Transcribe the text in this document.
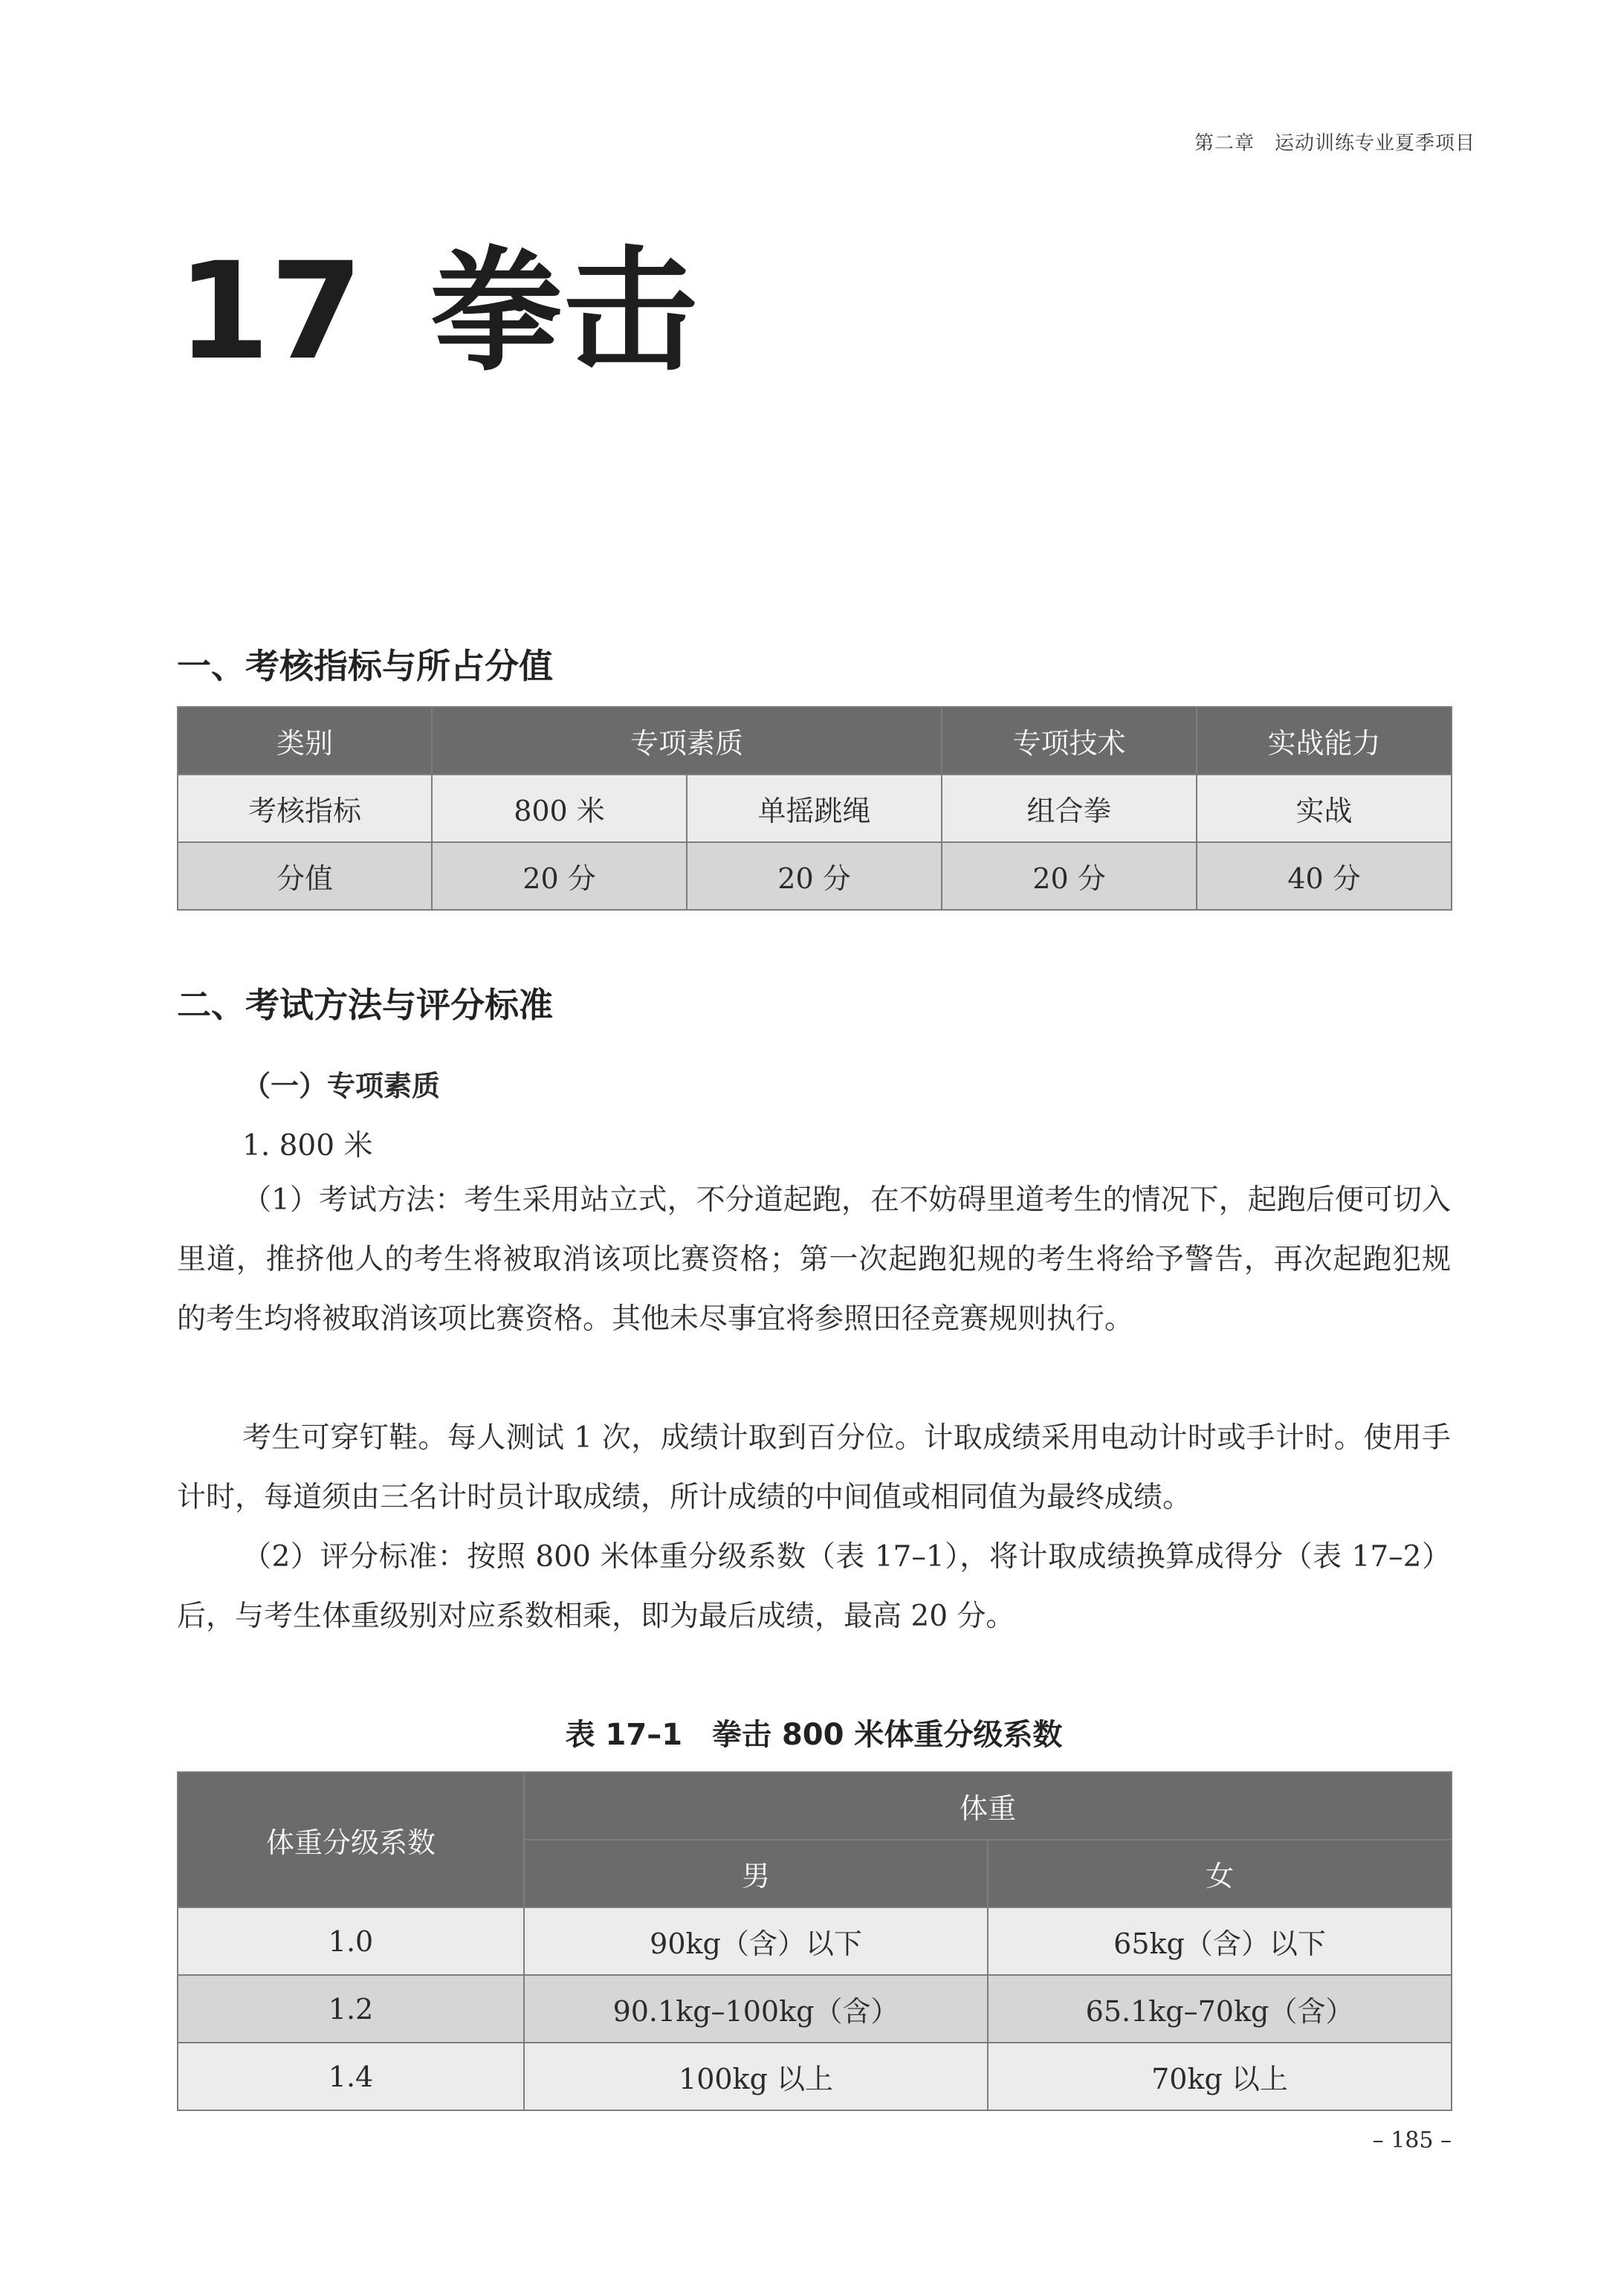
第二章　运动训练专业夏季项目
17 拳击
一、考核指标与所占分值
类别	专项素质		专项技术	实战能力
考核指标	800 米	单摇跳绳	组合拳	实战
分值	20 分	20 分	20 分	40 分
二、考试方法与评分标准

（一）专项素质

1. 800 米

（1）考试方法：考生采用站立式，不分道起跑，在不妨碍里道考生的情况下，起跑后便可切入里道，推挤他人的考生将被取消该项比赛资格；第一次起跑犯规的考生将给予警告，再次起跑犯规的考生均将被取消该项比赛资格。其他未尽事宜将参照田径竞赛规则执行。

考生可穿钉鞋。每人测试 1 次，成绩计取到百分位。计取成绩采用电动计时或手计时。使用手计时，每道须由三名计时员计取成绩，所计成绩的中间值或相同值为最终成绩。

（2）评分标准：按照 800 米体重分级系数（表 17–1），将计取成绩换算成得分（表 17–2）后，与考生体重级别对应系数相乘，即为最后成绩，最高 20 分。

表 17–1　拳击 800 米体重分级系数

体重分级系数	体重	
	男	女
1.0	90kg（含）以下	65kg（含）以下
1.2	90.1kg–100kg（含）	65.1kg–70kg（含）
1.4	100kg 以上	70kg 以上
– 185 –
